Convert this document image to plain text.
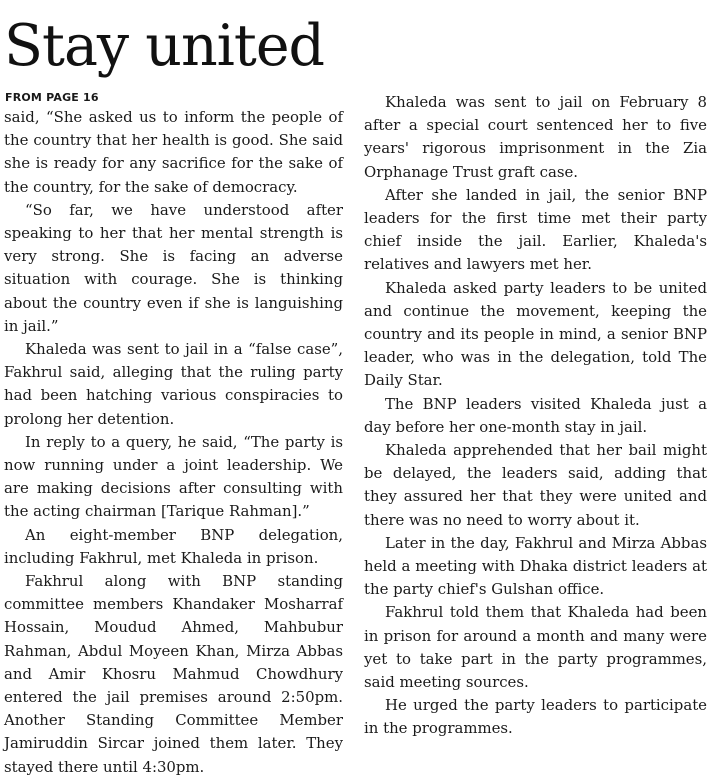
Stay united
FROM PAGE 16

said, “She asked us to inform the people of the country that her health is good. She said she is ready for any sacrifice for the sake of the country, for the sake of democracy.

“So far, we have understood after speaking to her that her mental strength is very strong. She is facing an adverse situation with courage. She is thinking about the country even if she is languishing in jail.”

Khaleda was sent to jail in a “false case”, Fakhrul said, alleging that the ruling party had been hatching various conspiracies to prolong her detention.

In reply to a query, he said, “The party is now running under a joint leadership. We are making decisions after consulting with the acting chairman [Tarique Rahman].”

An eight-member BNP delegation, including Fakhrul, met Khaleda in prison.

Fakhrul along with BNP standing committee members Khandaker Mosharraf Hossain, Moudud Ahmed, Mahbubur Rahman, Abdul Moyeen Khan, Mirza Abbas and Amir Khosru Mahmud Chowdhury entered the jail premises around 2:50pm. Another Standing Committee Member Jamiruddin Sircar joined them later. They stayed there until 4:30pm.

Khaleda was sent to jail on February 8 after a special court sentenced her to five years' rigorous imprisonment in the Zia Orphanage Trust graft case.

After she landed in jail, the senior BNP leaders for the first time met their party chief inside the jail. Earlier, Khaleda's relatives and lawyers met her.

Khaleda asked party leaders to be united and continue the movement, keeping the country and its people in mind, a senior BNP leader, who was in the delegation, told The Daily Star.

The BNP leaders visited Khaleda just a day before her one-month stay in jail.

Khaleda apprehended that her bail might be delayed, the leaders said, adding that they assured her that they were united and there was no need to worry about it.

Later in the day, Fakhrul and Mirza Abbas held a meeting with Dhaka district leaders at the party chief's Gulshan office.

Fakhrul told them that Khaleda had been in prison for around a month and many were yet to take part in the party programmes, said meeting sources.

He urged the party leaders to participate in the programmes.
